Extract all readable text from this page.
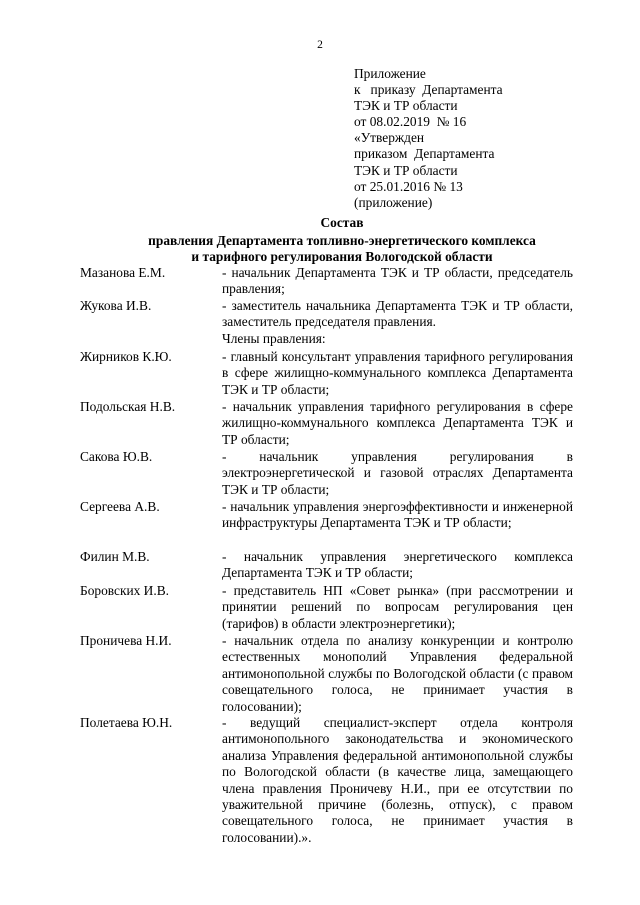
2
Приложение
к   приказу  Департамента
ТЭК и ТР области
от 08.02.2019  № 16
«Утвержден
приказом  Департамента
ТЭК и ТР области
от 25.01.2016 № 13
(приложение)
Состав
правления Департамента топливно-энергетического комплекса
и тарифного регулирования Вологодской области
Мазанова Е.М.	- начальник Департамента ТЭК и ТР области, председатель правления;
Жукова И.В.	- заместитель начальника Департамента ТЭК и ТР области, заместитель председателя правления.
Члены правления:
Жирников К.Ю.	- главный консультант управления тарифного регулирования в сфере жилищно-коммунального комплекса Департамента ТЭК и ТР области;
Подольская Н.В.	- начальник управления тарифного регулирования в сфере жилищно-коммунального комплекса Департамента ТЭК и ТР области;
Сакова Ю.В.	- начальник управления регулирования в электроэнергетической и газовой отраслях Департамента ТЭК и ТР области;
Сергеева А.В.	- начальник управления энергоэффективности и инженерной инфраструктуры Департамента ТЭК и ТР области;
Филин М.В.	- начальник управления энергетического комплекса Департамента ТЭК и ТР области;
Боровских И.В.	- представитель НП «Совет рынка» (при рассмотрении и принятии решений по вопросам регулирования цен (тарифов) в области электроэнергетики);
Проничева Н.И.	- начальник отдела по анализу конкуренции и контролю естественных монополий Управления федеральной антимонопольной службы по Вологодской области (с правом совещательного голоса, не принимает участия в голосовании);
Полетаева Ю.Н.	- ведущий специалист-эксперт отдела контроля антимонопольного законодательства и экономического анализа Управления федеральной антимонопольной службы по Вологодской области (в качестве лица, замещающего члена правления Проничеву Н.И., при ее отсутствии по уважительной причине (болезнь, отпуск), с правом совещательного голоса, не принимает участия в голосовании).».
